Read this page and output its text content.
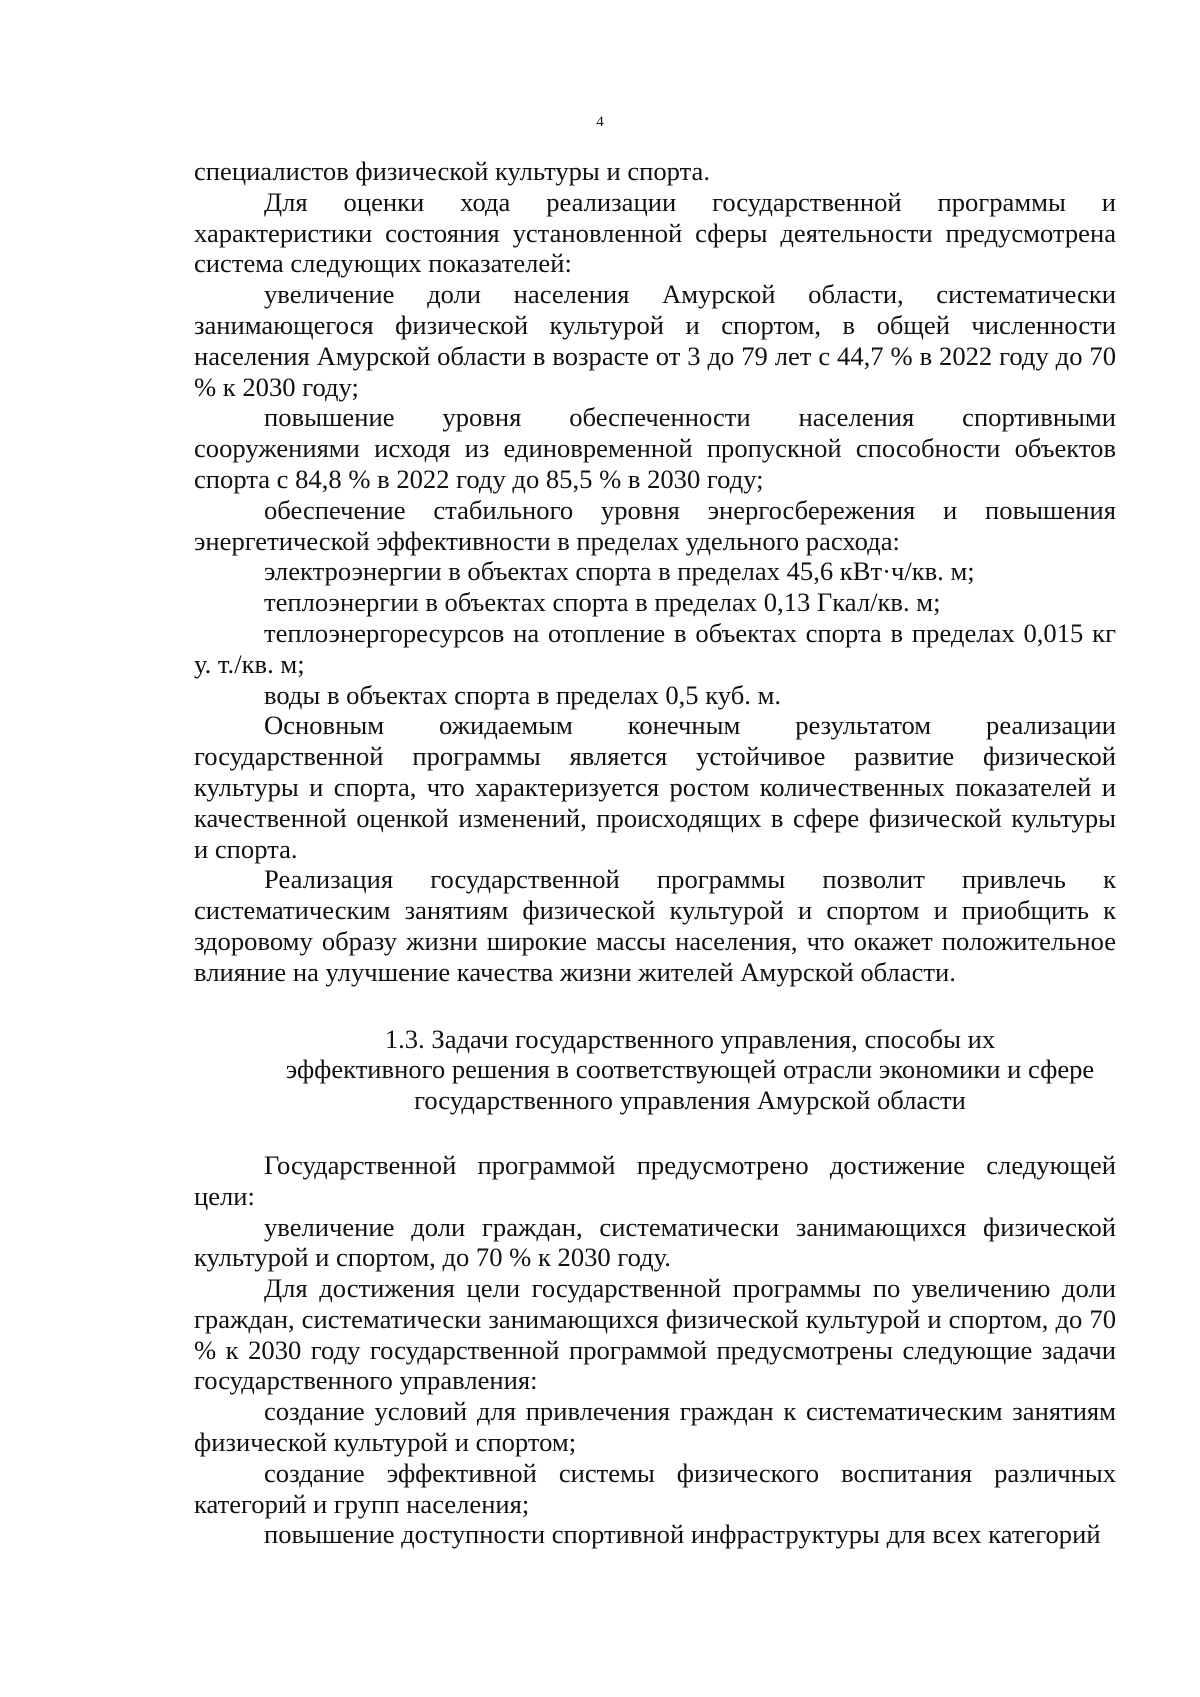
4

специалистов физической культуры и спорта.

Для оценки хода реализации государственной программы и характеристики состояния установленной сферы деятельности предусмотрена система следующих показателей:

увеличение доли населения Амурской области, систематически занимающегося физической культурой и спортом, в общей численности населения Амурской области в возрасте от 3 до 79 лет с 44,7 % в 2022 году до 70 % к 2030 году;

повышение уровня обеспеченности населения спортивными сооружениями исходя из единовременной пропускной способности объектов спорта с 84,8 % в 2022 году до 85,5 % в 2030 году;

обеспечение стабильного уровня энергосбережения и повышения энергетической эффективности в пределах удельного расхода:

электроэнергии в объектах спорта в пределах 45,6 кВт·ч/кв. м;

теплоэнергии в объектах спорта в пределах 0,13 Гкал/кв. м;

теплоэнергоресурсов на отопление в объектах спорта в пределах 0,015 кг у. т./кв. м;

воды в объектах спорта в пределах 0,5 куб. м.

Основным ожидаемым конечным результатом реализации государственной программы является устойчивое развитие физической культуры и спорта, что характеризуется ростом количественных показателей и качественной оценкой изменений, происходящих в сфере физической культуры и спорта.

Реализация государственной программы позволит привлечь к систематическим занятиям физической культурой и спортом и приобщить к здоровому образу жизни широкие массы населения, что окажет положительное влияние на улучшение качества жизни жителей Амурской области.

1.3. Задачи государственного управления, способы их
эффективного решения в соответствующей отрасли экономики и сфере
государственного управления Амурской области

Государственной программой предусмотрено достижение следующей цели:

увеличение доли граждан, систематически занимающихся физической культурой и спортом, до 70 % к 2030 году.

Для достижения цели государственной программы по увеличению доли граждан, систематически занимающихся физической культурой и спортом, до 70 % к 2030 году государственной программой предусмотрены следующие задачи государственного управления:

создание условий для привлечения граждан к систематическим занятиям физической культурой и спортом;

создание эффективной системы физического воспитания различных категорий и групп населения;

повышение доступности спортивной инфраструктуры для всех категорий
